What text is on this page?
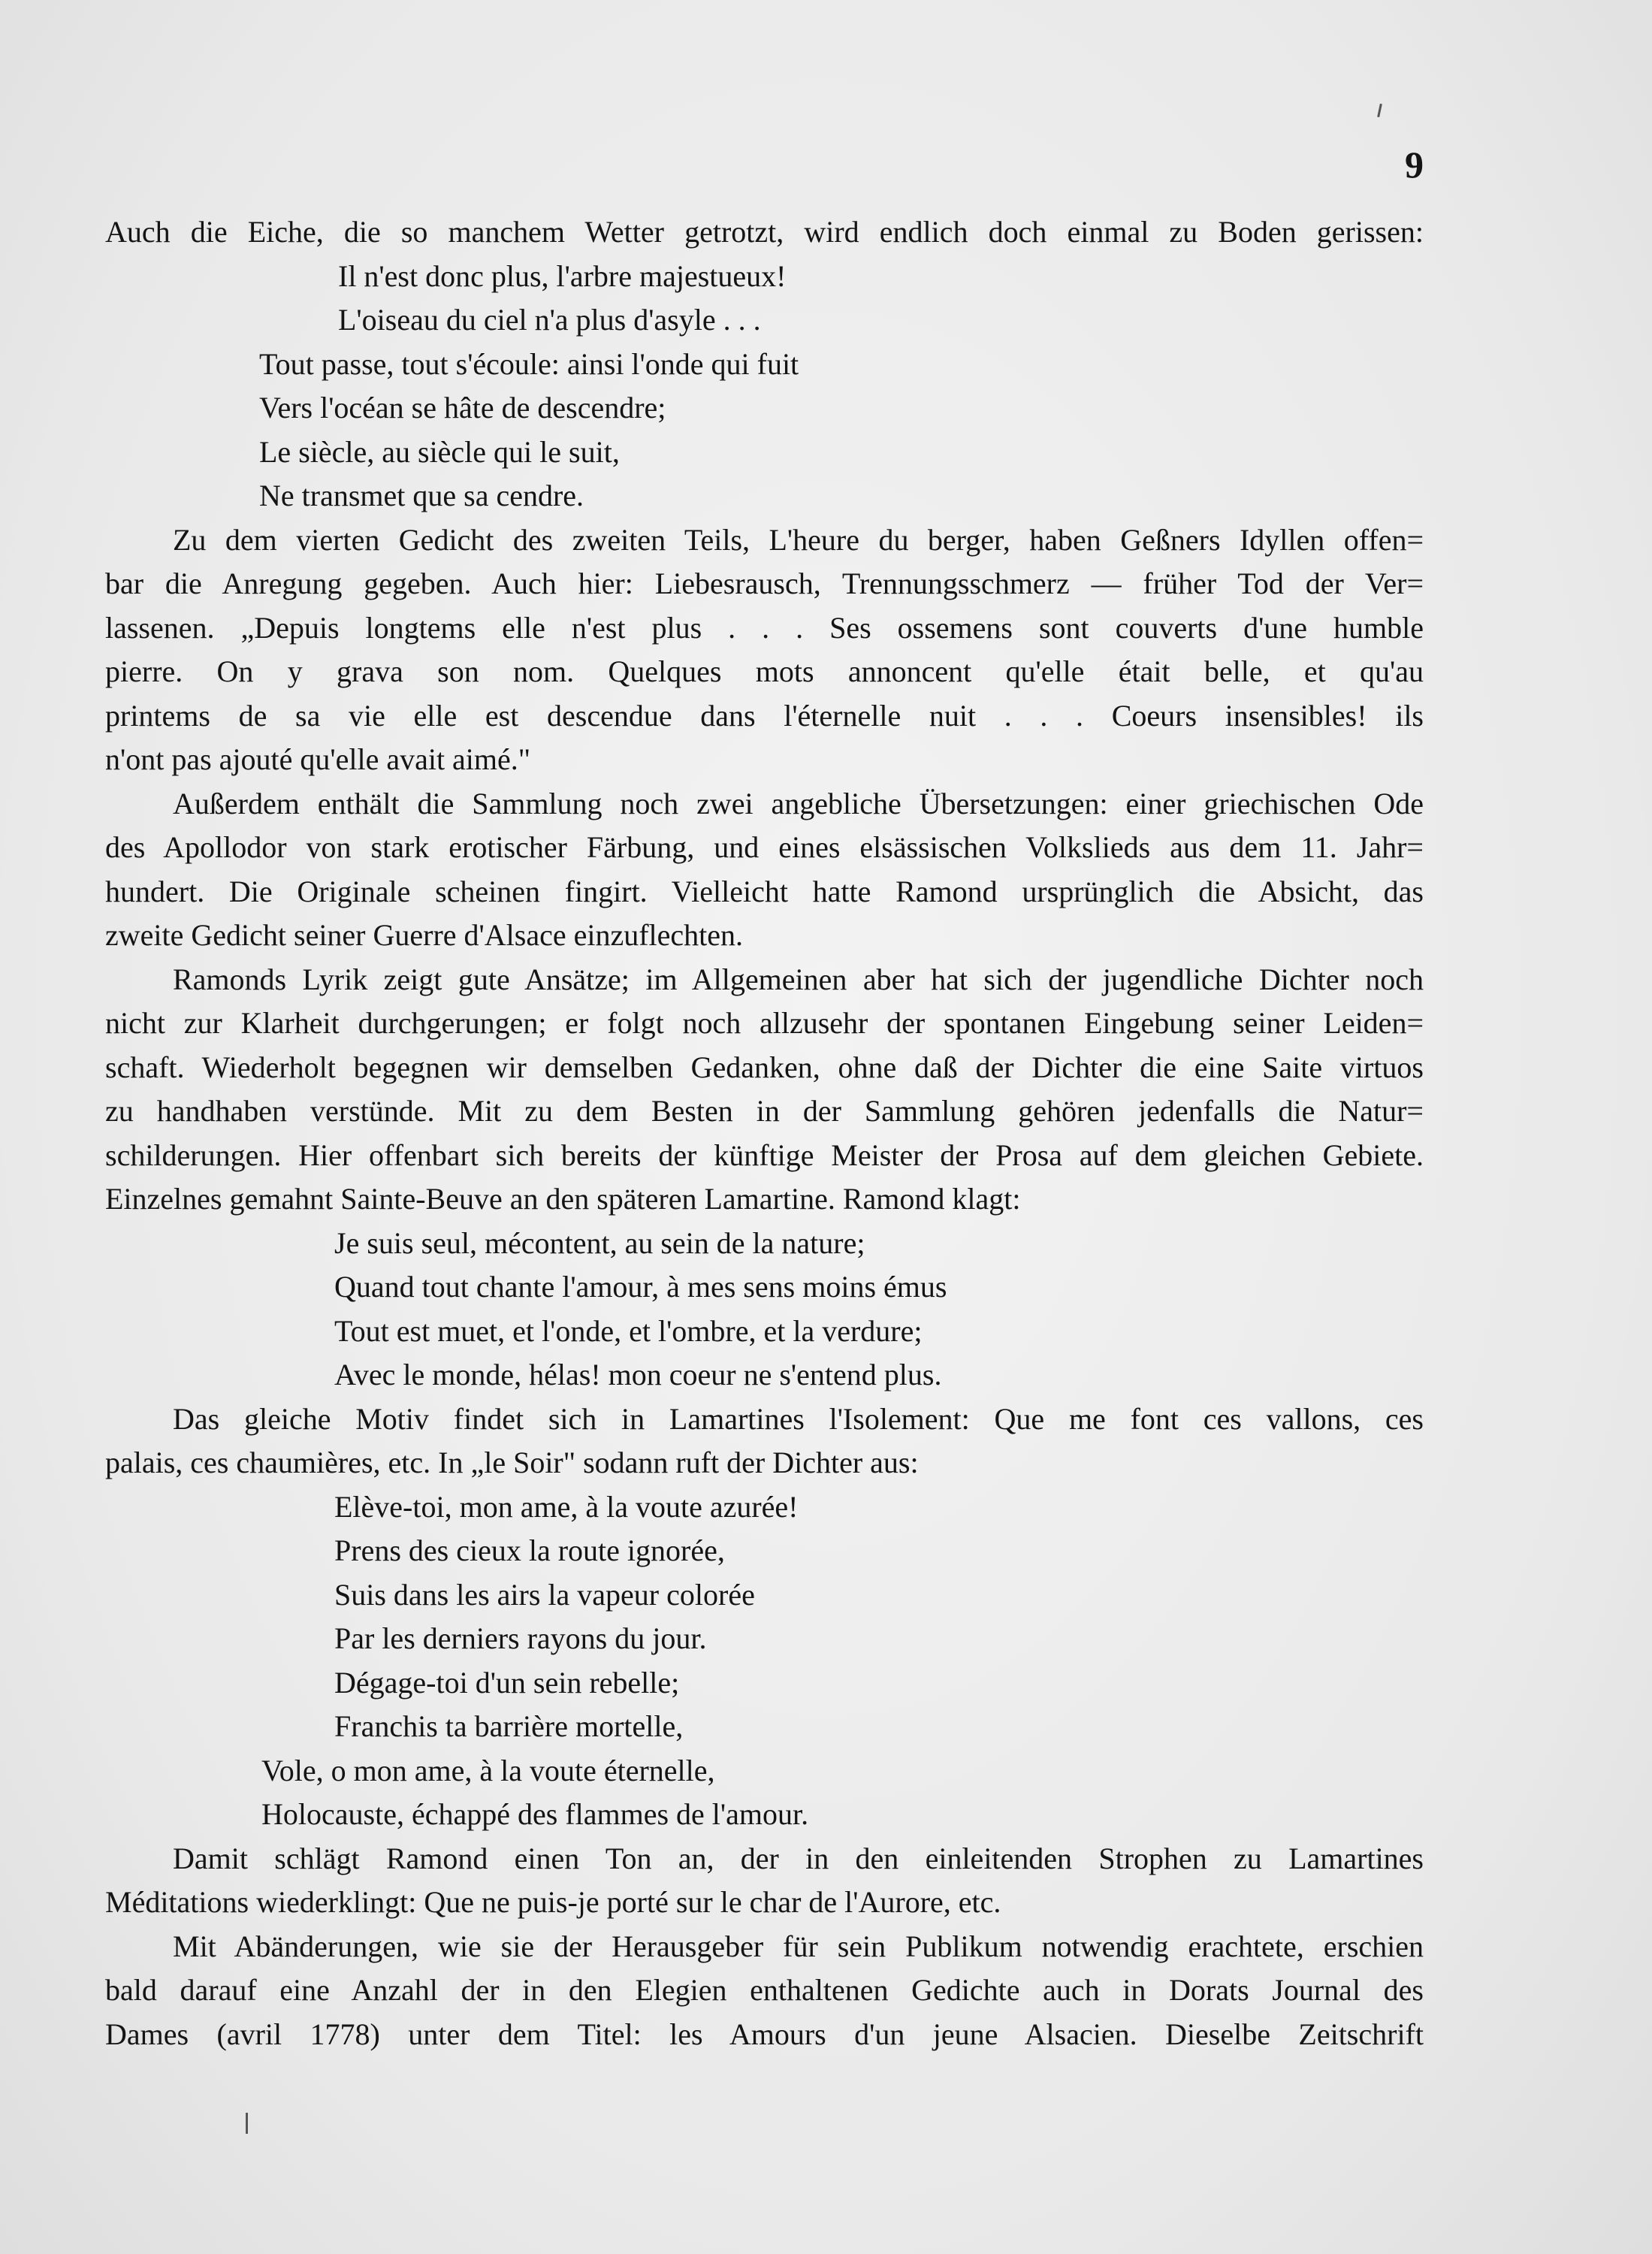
9
Auch die Eiche, die so manchem Wetter getrotzt, wird endlich doch einmal zu Boden gerissen:
Il n'est donc plus, l'arbre majestueux!
L'oiseau du ciel n'a plus d'asyle . . .
Tout passe, tout s'écoule: ainsi l'onde qui fuit
Vers l'océan se hâte de descendre;
Le siècle, au siècle qui le suit,
Ne transmet que sa cendre.
Zu dem vierten Gedicht des zweiten Teils, L'heure du berger, haben Geßners Idyllen offen=
bar die Anregung gegeben. Auch hier: Liebesrausch, Trennungsschmerz — früher Tod der Ver=
lassenen. „Depuis longtems elle n'est plus . . . Ses ossemens sont couverts d'une humble
pierre. On y grava son nom. Quelques mots annoncent qu'elle était belle, et qu'au
printems de sa vie elle est descendue dans l'éternelle nuit . . . Coeurs insensibles! ils
n'ont pas ajouté qu'elle avait aimé."
Außerdem enthält die Sammlung noch zwei angebliche Übersetzungen: einer griechischen Ode
des Apollodor von stark erotischer Färbung, und eines elsässischen Volkslieds aus dem 11. Jahr=
hundert. Die Originale scheinen fingirt. Vielleicht hatte Ramond ursprünglich die Absicht, das
zweite Gedicht seiner Guerre d'Alsace einzuflechten.
Ramonds Lyrik zeigt gute Ansätze; im Allgemeinen aber hat sich der jugendliche Dichter noch
nicht zur Klarheit durchgerungen; er folgt noch allzusehr der spontanen Eingebung seiner Leiden=
schaft. Wiederholt begegnen wir demselben Gedanken, ohne daß der Dichter die eine Saite virtuos
zu handhaben verstünde. Mit zu dem Besten in der Sammlung gehören jedenfalls die Natur=
schilderungen. Hier offenbart sich bereits der künftige Meister der Prosa auf dem gleichen Gebiete.
Einzelnes gemahnt Sainte-Beuve an den späteren Lamartine. Ramond klagt:
Je suis seul, mécontent, au sein de la nature;
Quand tout chante l'amour, à mes sens moins émus
Tout est muet, et l'onde, et l'ombre, et la verdure;
Avec le monde, hélas! mon coeur ne s'entend plus.
Das gleiche Motiv findet sich in Lamartines l'Isolement: Que me font ces vallons, ces
palais, ces chaumières, etc. In „le Soir" sodann ruft der Dichter aus:
Elève-toi, mon ame, à la voute azurée!
Prens des cieux la route ignorée,
Suis dans les airs la vapeur colorée
Par les derniers rayons du jour.
Dégage-toi d'un sein rebelle;
Franchis ta barrière mortelle,
Vole, o mon ame, à la voute éternelle,
Holocauste, échappé des flammes de l'amour.
Damit schlägt Ramond einen Ton an, der in den einleitenden Strophen zu Lamartines
Méditations wiederklingt: Que ne puis-je porté sur le char de l'Aurore, etc.
Mit Abänderungen, wie sie der Herausgeber für sein Publikum notwendig erachtete, erschien
bald darauf eine Anzahl der in den Elegien enthaltenen Gedichte auch in Dorats Journal des
Dames (avril 1778) unter dem Titel: les Amours d'un jeune Alsacien. Dieselbe Zeitschrift
